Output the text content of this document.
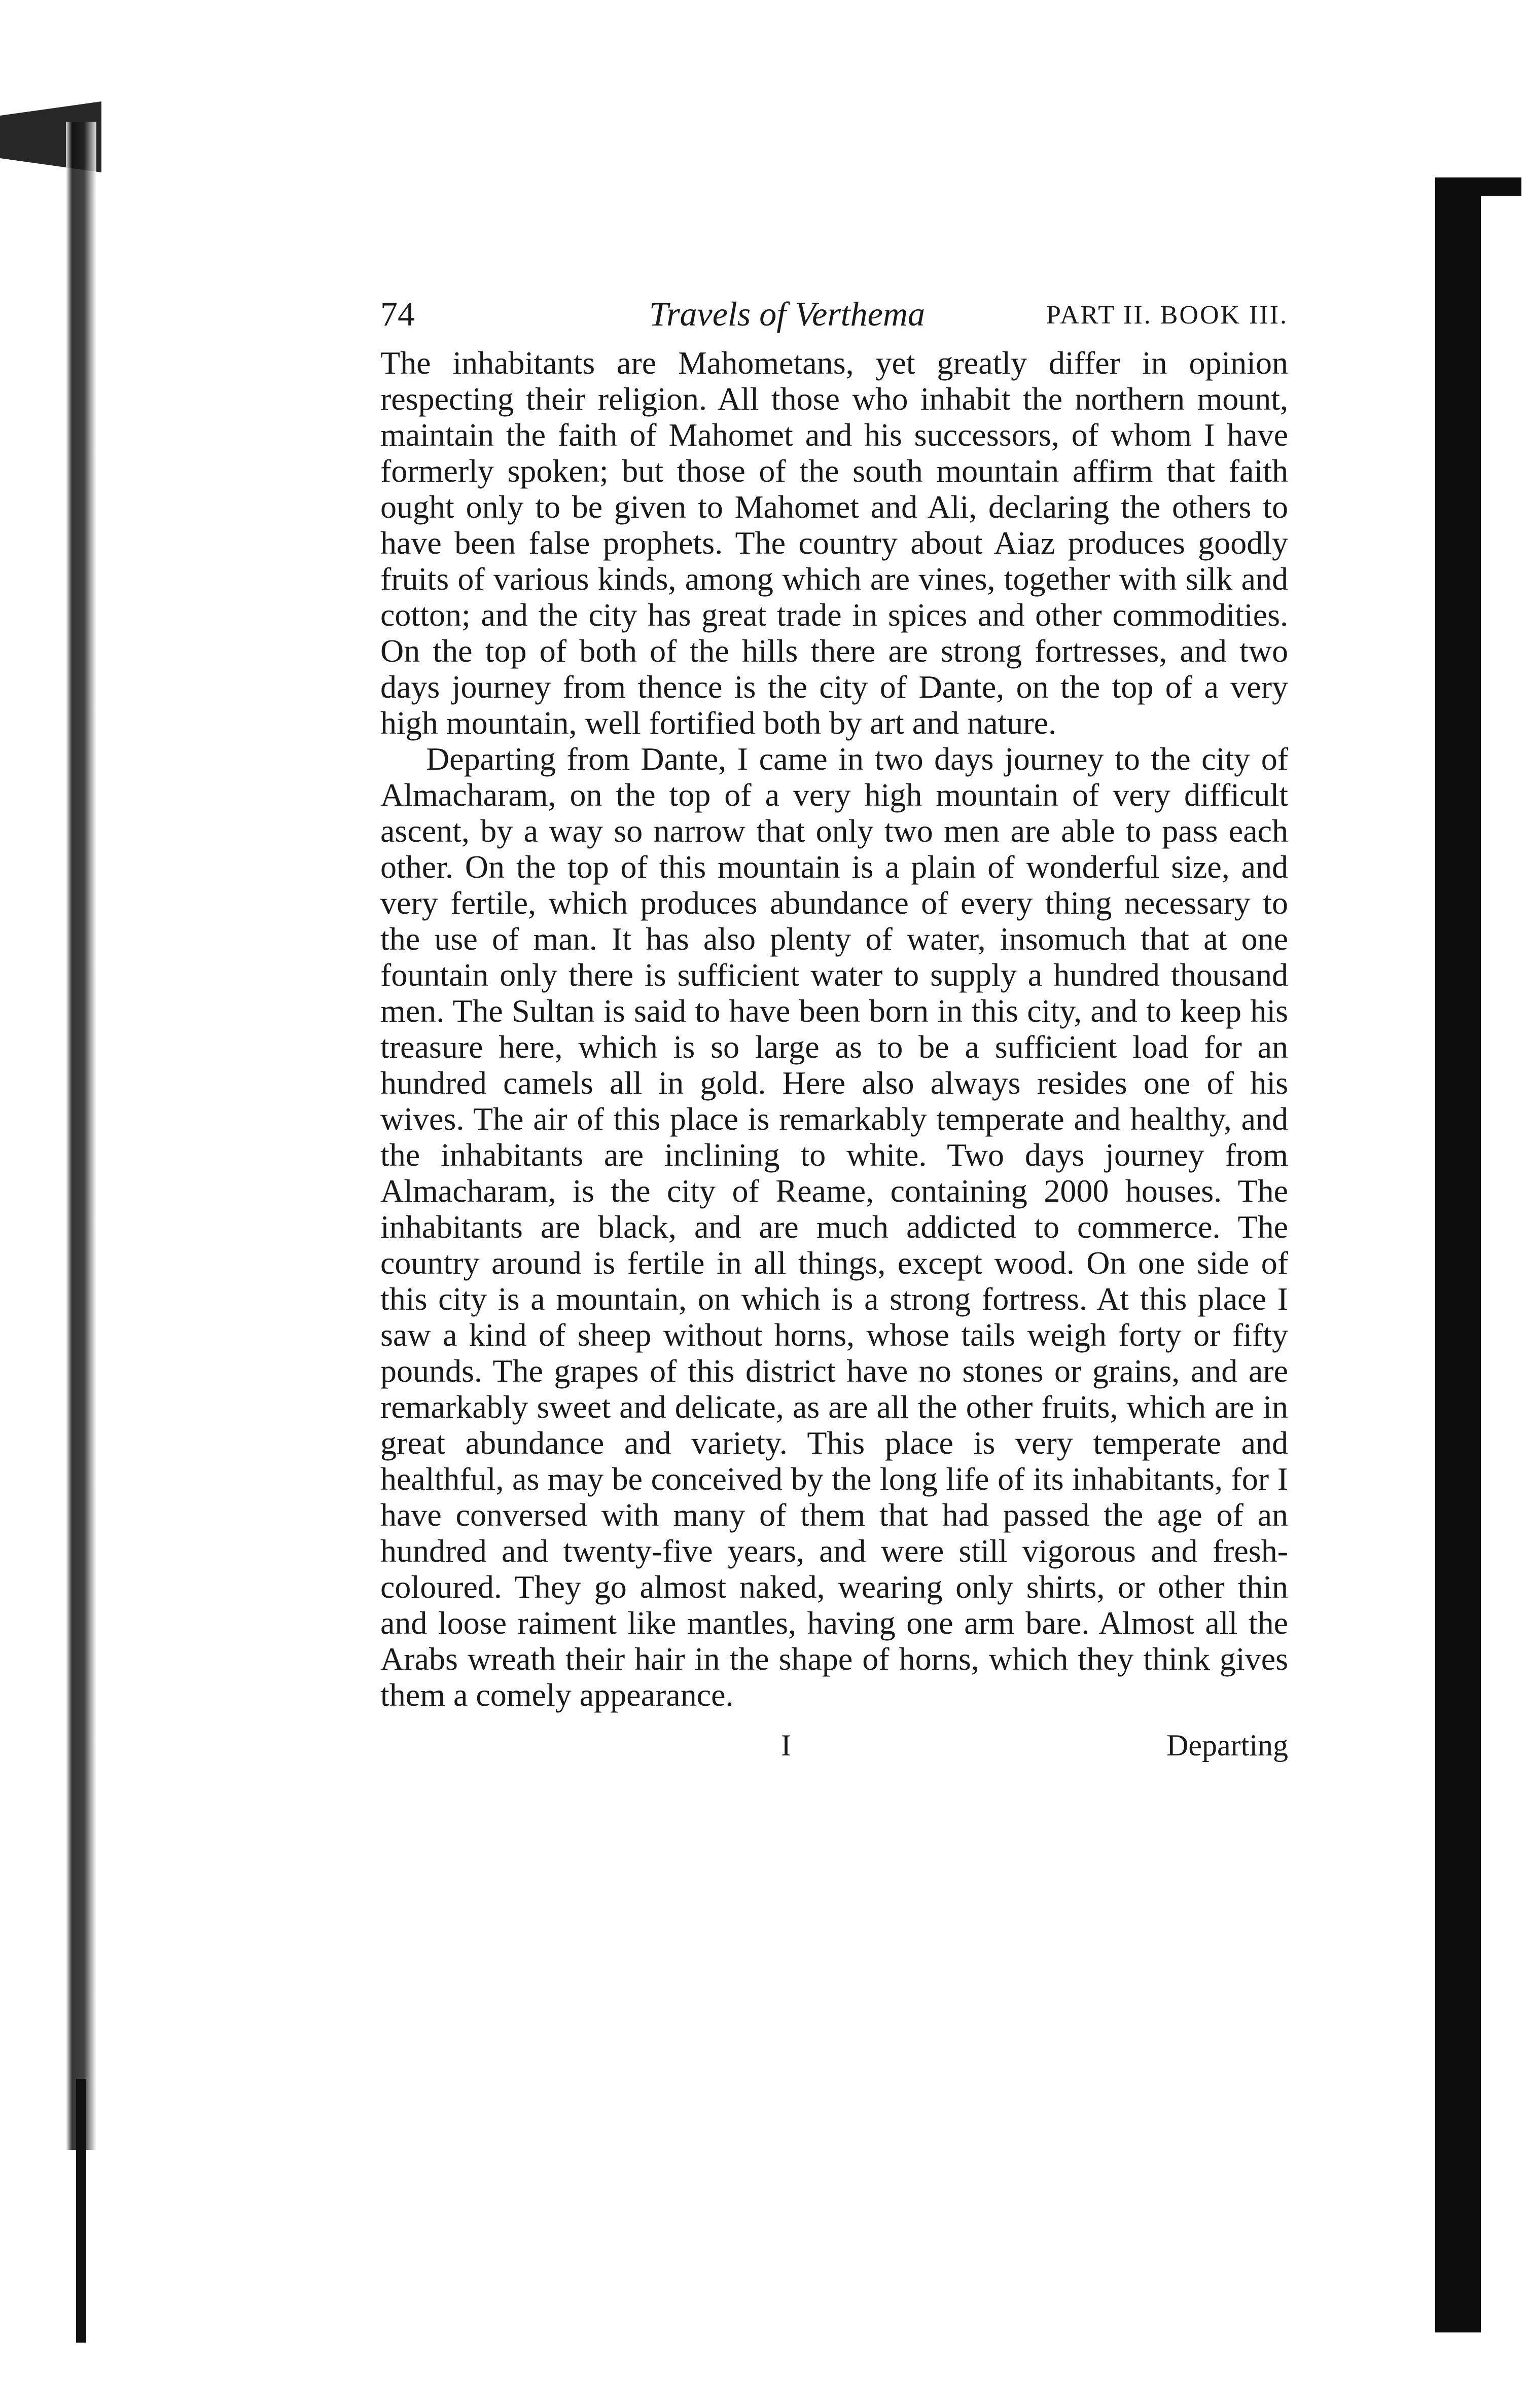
74	Travels of Verthema	PART II. BOOK III.

The inhabitants are Mahometans, yet greatly differ in opinion respecting their religion. All those who inhabit the northern mount, maintain the faith of Mahomet and his successors, of whom I have formerly spoken; but those of the south mountain affirm that faith ought only to be given to Mahomet and Ali, declaring the others to have been false prophets. The country about Aiaz produces goodly fruits of various kinds, among which are vines, together with silk and cotton; and the city has great trade in spices and other commodities. On the top of both of the hills there are strong fortresses, and two days journey from thence is the city of Dante, on the top of a very high mountain, well fortified both by art and nature.

Departing from Dante, I came in two days journey to the city of Almacharam, on the top of a very high mountain of very difficult ascent, by a way so narrow that only two men are able to pass each other. On the top of this mountain is a plain of wonderful size, and very fertile, which produces abundance of every thing necessary to the use of man. It has also plenty of water, insomuch that at one fountain only there is sufficient water to supply a hundred thousand men. The Sultan is said to have been born in this city, and to keep his treasure here, which is so large as to be a sufficient load for an hundred camels all in gold. Here also always resides one of his wives. The air of this place is remarkably temperate and healthy, and the inhabitants are inclining to white. Two days journey from Almacharam, is the city of Reame, containing 2000 houses. The inhabitants are black, and are much addicted to commerce. The country around is fertile in all things, except wood. On one side of this city is a mountain, on which is a strong fortress. At this place I saw a kind of sheep without horns, whose tails weigh forty or fifty pounds. The grapes of this district have no stones or grains, and are remarkably sweet and delicate, as are all the other fruits, which are in great abundance and variety. This place is very temperate and healthful, as may be conceived by the long life of its inhabitants, for I have conversed with many of them that had passed the age of an hundred and twenty-five years, and were still vigorous and fresh-coloured. They go almost naked, wearing only shirts, or other thin and loose raiment like mantles, having one arm bare. Almost all the Arabs wreath their hair in the shape of horns, which they think gives them a comely appearance.

I	Departing
